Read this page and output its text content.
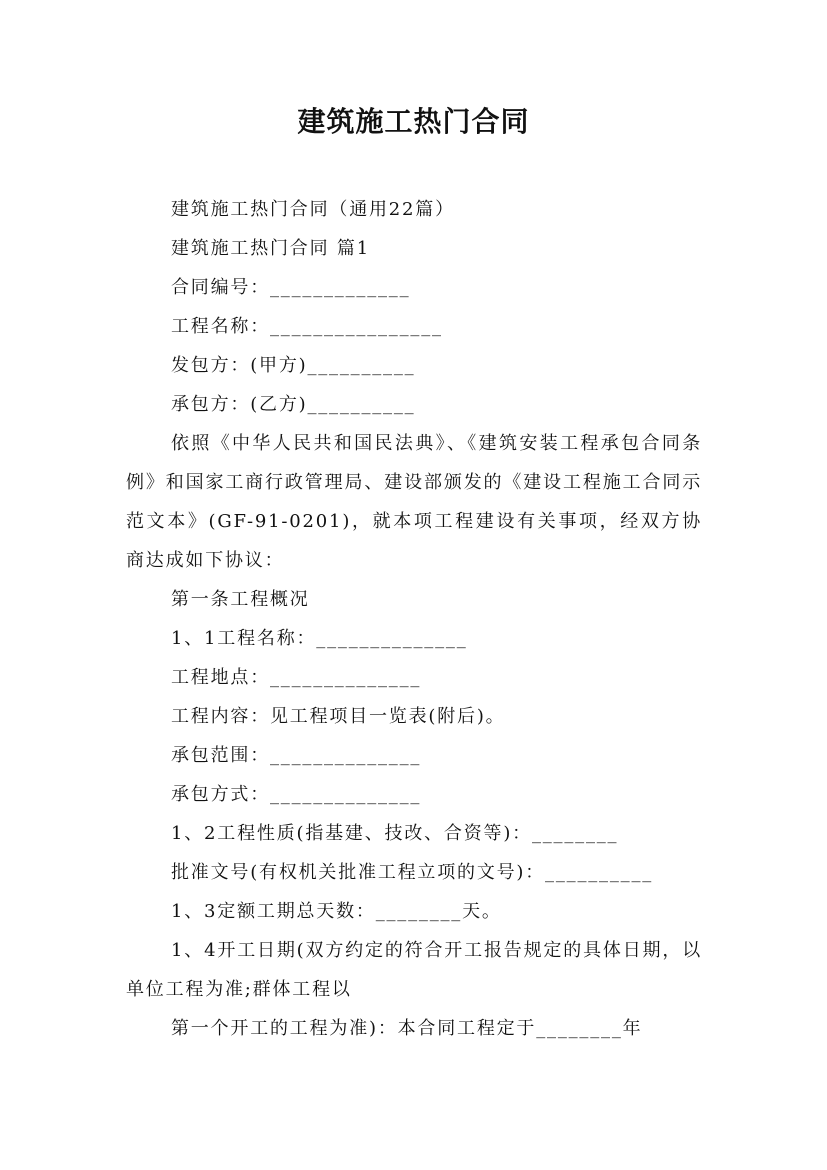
建筑施工热门合同

建筑施工热门合同（通用22篇）

建筑施工热门合同 篇1

合同编号：_____________

工程名称：________________

发包方：(甲方)__________

承包方：(乙方)__________

依照《中华人民共和国民法典》、《建筑安装工程承包合同条例》和国家工商行政管理局、建设部颁发的《建设工程施工合同示范文本》(GF-91-0201)，就本项工程建设有关事项，经双方协商达成如下协议：

第一条工程概况

1、1工程名称：______________

工程地点：______________

工程内容：见工程项目一览表(附后)。

承包范围：______________

承包方式：______________

1、2工程性质(指基建、技改、合资等)：________

批准文号(有权机关批准工程立项的文号)：__________

1、3定额工期总天数：________天。

1、4开工日期(双方约定的符合开工报告规定的具体日期，以单位工程为准;群体工程以

第一个开工的工程为准)：本合同工程定于________年
